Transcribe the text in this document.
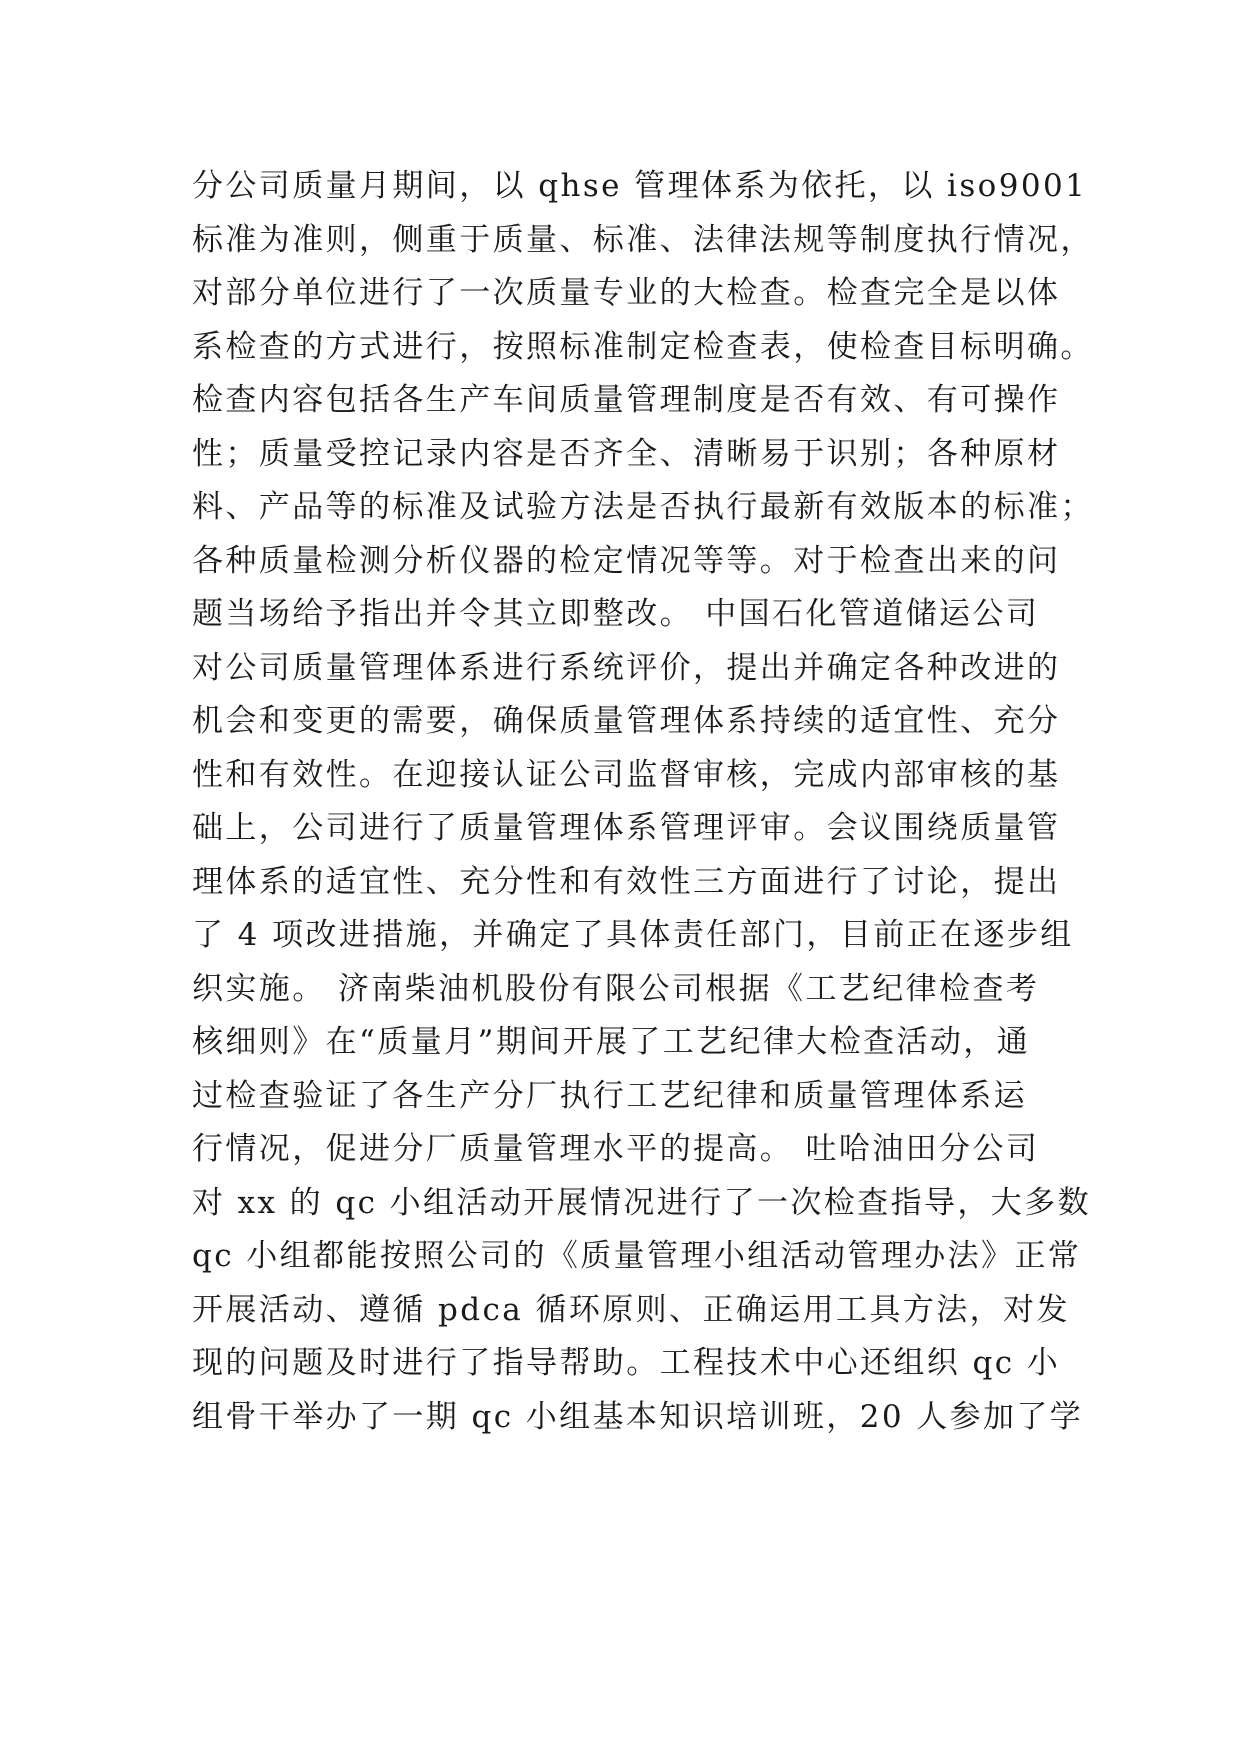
分公司质量月期间，以 qhse 管理体系为依托，以 iso9001
标准为准则，侧重于质量、标准、法律法规等制度执行情况，
对部分单位进行了一次质量专业的大检查。检查完全是以体
系检查的方式进行，按照标准制定检查表，使检查目标明确。
检查内容包括各生产车间质量管理制度是否有效、有可操作
性；质量受控记录内容是否齐全、清晰易于识别；各种原材
料、产品等的标准及试验方法是否执行最新有效版本的标准；
各种质量检测分析仪器的检定情况等等。对于检查出来的问
题当场给予指出并令其立即整改。 中国石化管道储运公司
对公司质量管理体系进行系统评价，提出并确定各种改进的
机会和变更的需要，确保质量管理体系持续的适宜性、充分
性和有效性。在迎接认证公司监督审核，完成内部审核的基
础上，公司进行了质量管理体系管理评审。会议围绕质量管
理体系的适宜性、充分性和有效性三方面进行了讨论，提出
了 4 项改进措施，并确定了具体责任部门，目前正在逐步组
织实施。 济南柴油机股份有限公司根据《工艺纪律检查考
核细则》在“质量月”期间开展了工艺纪律大检查活动，通
过检查验证了各生产分厂执行工艺纪律和质量管理体系运
行情况，促进分厂质量管理水平的提高。 吐哈油田分公司
对 xx 的 qc 小组活动开展情况进行了一次检查指导，大多数
qc 小组都能按照公司的《质量管理小组活动管理办法》正常
开展活动、遵循 pdca 循环原则、正确运用工具方法，对发
现的问题及时进行了指导帮助。工程技术中心还组织 qc 小
组骨干举办了一期 qc 小组基本知识培训班，20 人参加了学
